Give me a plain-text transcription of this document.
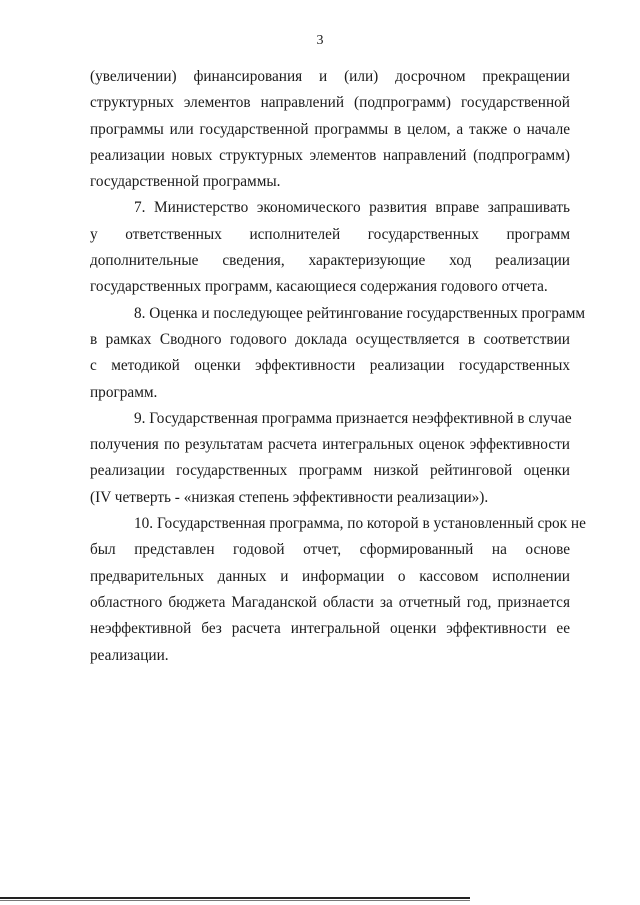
3
(увеличении) финансирования и (или) досрочном прекращении
структурных элементов направлений (подпрограмм) государственной
программы или государственной программы в целом, а также о начале
реализации новых структурных элементов направлений (подпрограмм)
государственной программы.
7. Министерство экономического развития вправе запрашивать
у ответственных исполнителей государственных программ
дополнительные сведения, характеризующие ход реализации
государственных программ, касающиеся содержания годового отчета.
8. Оценка и последующее рейтингование государственных программ
в рамках Сводного годового доклада осуществляется в соответствии
с методикой оценки эффективности реализации государственных
программ.
9. Государственная программа признается неэффективной в случае
получения по результатам расчета интегральных оценок эффективности
реализации государственных программ низкой рейтинговой оценки
(IV четверть - «низкая степень эффективности реализации»).
10. Государственная программа, по которой в установленный срок не
был представлен годовой отчет, сформированный на основе
предварительных данных и информации о кассовом исполнении
областного бюджета Магаданской области за отчетный год, признается
неэффективной без расчета интегральной оценки эффективности ее
реализации.
